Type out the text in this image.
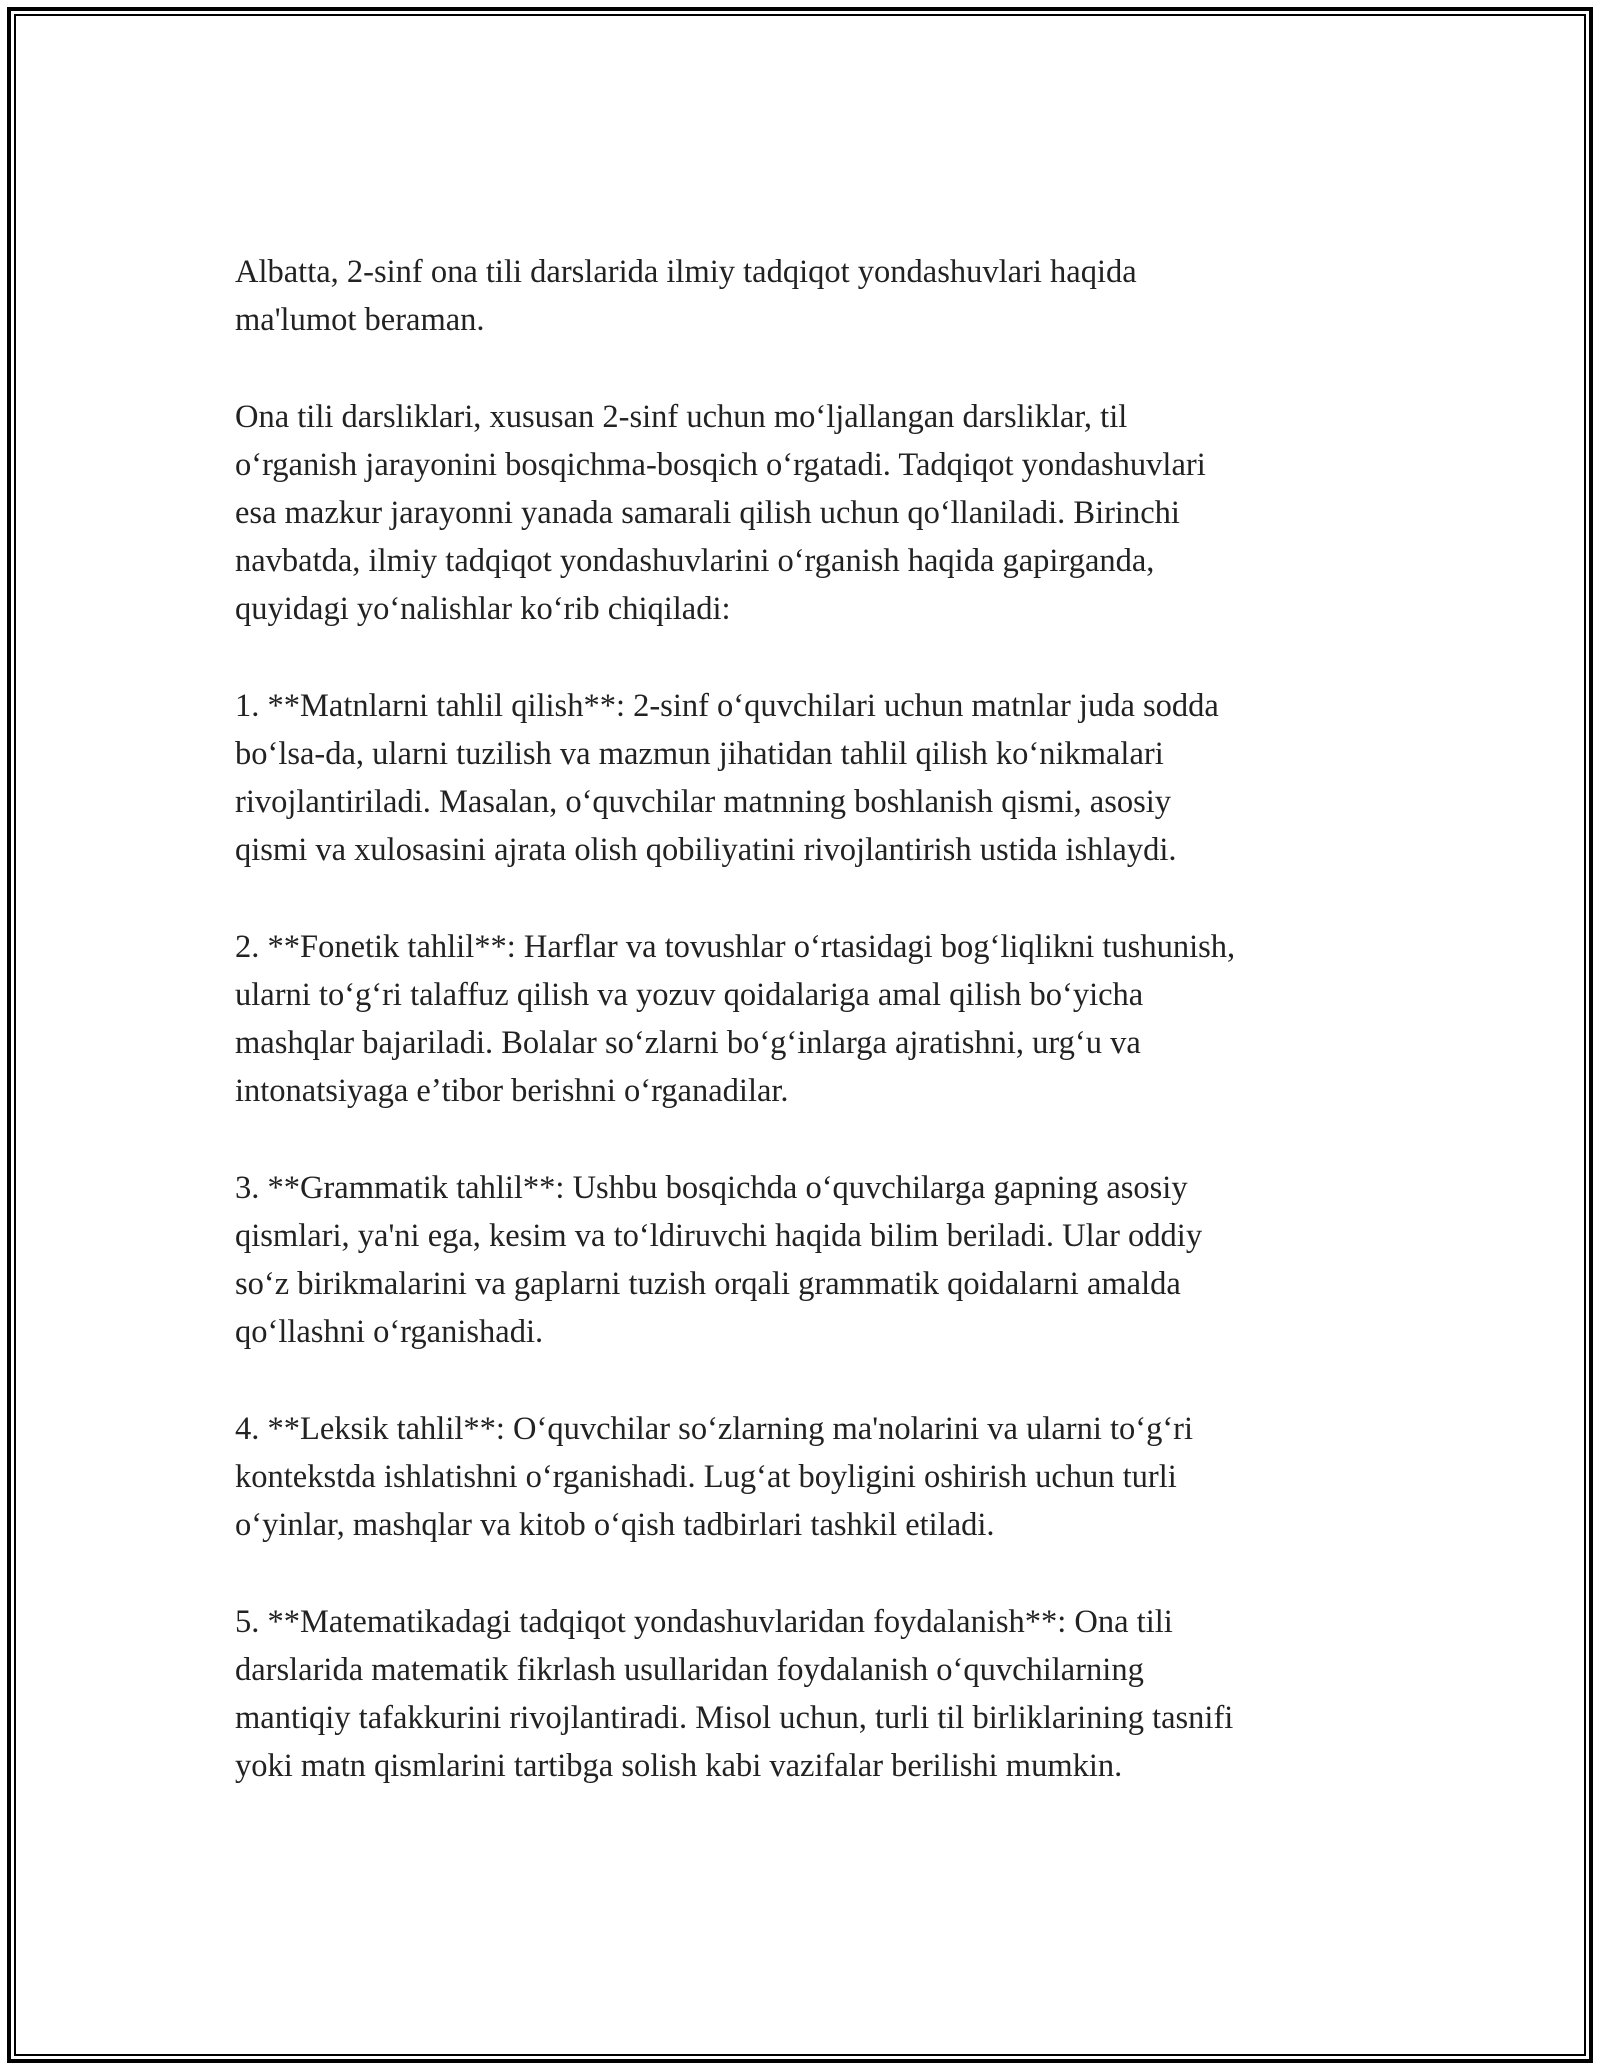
Albatta, 2-sinf ona tili darslarida ilmiy tadqiqot yondashuvlari haqida
ma'lumot beraman.

Ona tili darsliklari, xususan 2-sinf uchun moʻljallangan darsliklar, til
oʻrganish jarayonini bosqichma-bosqich oʻrgatadi. Tadqiqot yondashuvlari
esa mazkur jarayonni yanada samarali qilish uchun qoʻllaniladi. Birinchi
navbatda, ilmiy tadqiqot yondashuvlarini oʻrganish haqida gapirganda,
quyidagi yoʻnalishlar koʻrib chiqiladi:

1. **Matnlarni tahlil qilish**: 2-sinf oʻquvchilari uchun matnlar juda sodda
boʻlsa-da, ularni tuzilish va mazmun jihatidan tahlil qilish koʻnikmalari
rivojlantiriladi. Masalan, oʻquvchilar matnning boshlanish qismi, asosiy
qismi va xulosasini ajrata olish qobiliyatini rivojlantirish ustida ishlaydi.

2. **Fonetik tahlil**: Harflar va tovushlar oʻrtasidagi bogʻliqlikni tushunish,
ularni toʻgʻri talaffuz qilish va yozuv qoidalariga amal qilish boʻyicha
mashqlar bajariladi. Bolalar soʻzlarni boʻgʻinlarga ajratishni, urgʻu va
intonatsiyaga eʼtibor berishni oʻrganadilar.

3. **Grammatik tahlil**: Ushbu bosqichda oʻquvchilarga gapning asosiy
qismlari, ya'ni ega, kesim va toʻldiruvchi haqida bilim beriladi. Ular oddiy
soʻz birikmalarini va gaplarni tuzish orqali grammatik qoidalarni amalda
qoʻllashni oʻrganishadi.

4. **Leksik tahlil**: Oʻquvchilar soʻzlarning ma'nolarini va ularni toʻgʻri
kontekstda ishlatishni oʻrganishadi. Lugʻat boyligini oshirish uchun turli
oʻyinlar, mashqlar va kitob oʻqish tadbirlari tashkil etiladi.

5. **Matematikadagi tadqiqot yondashuvlaridan foydalanish**: Ona tili
darslarida matematik fikrlash usullaridan foydalanish oʻquvchilarning
mantiqiy tafakkurini rivojlantiradi. Misol uchun, turli til birliklarining tasnifi
yoki matn qismlarini tartibga solish kabi vazifalar berilishi mumkin.
